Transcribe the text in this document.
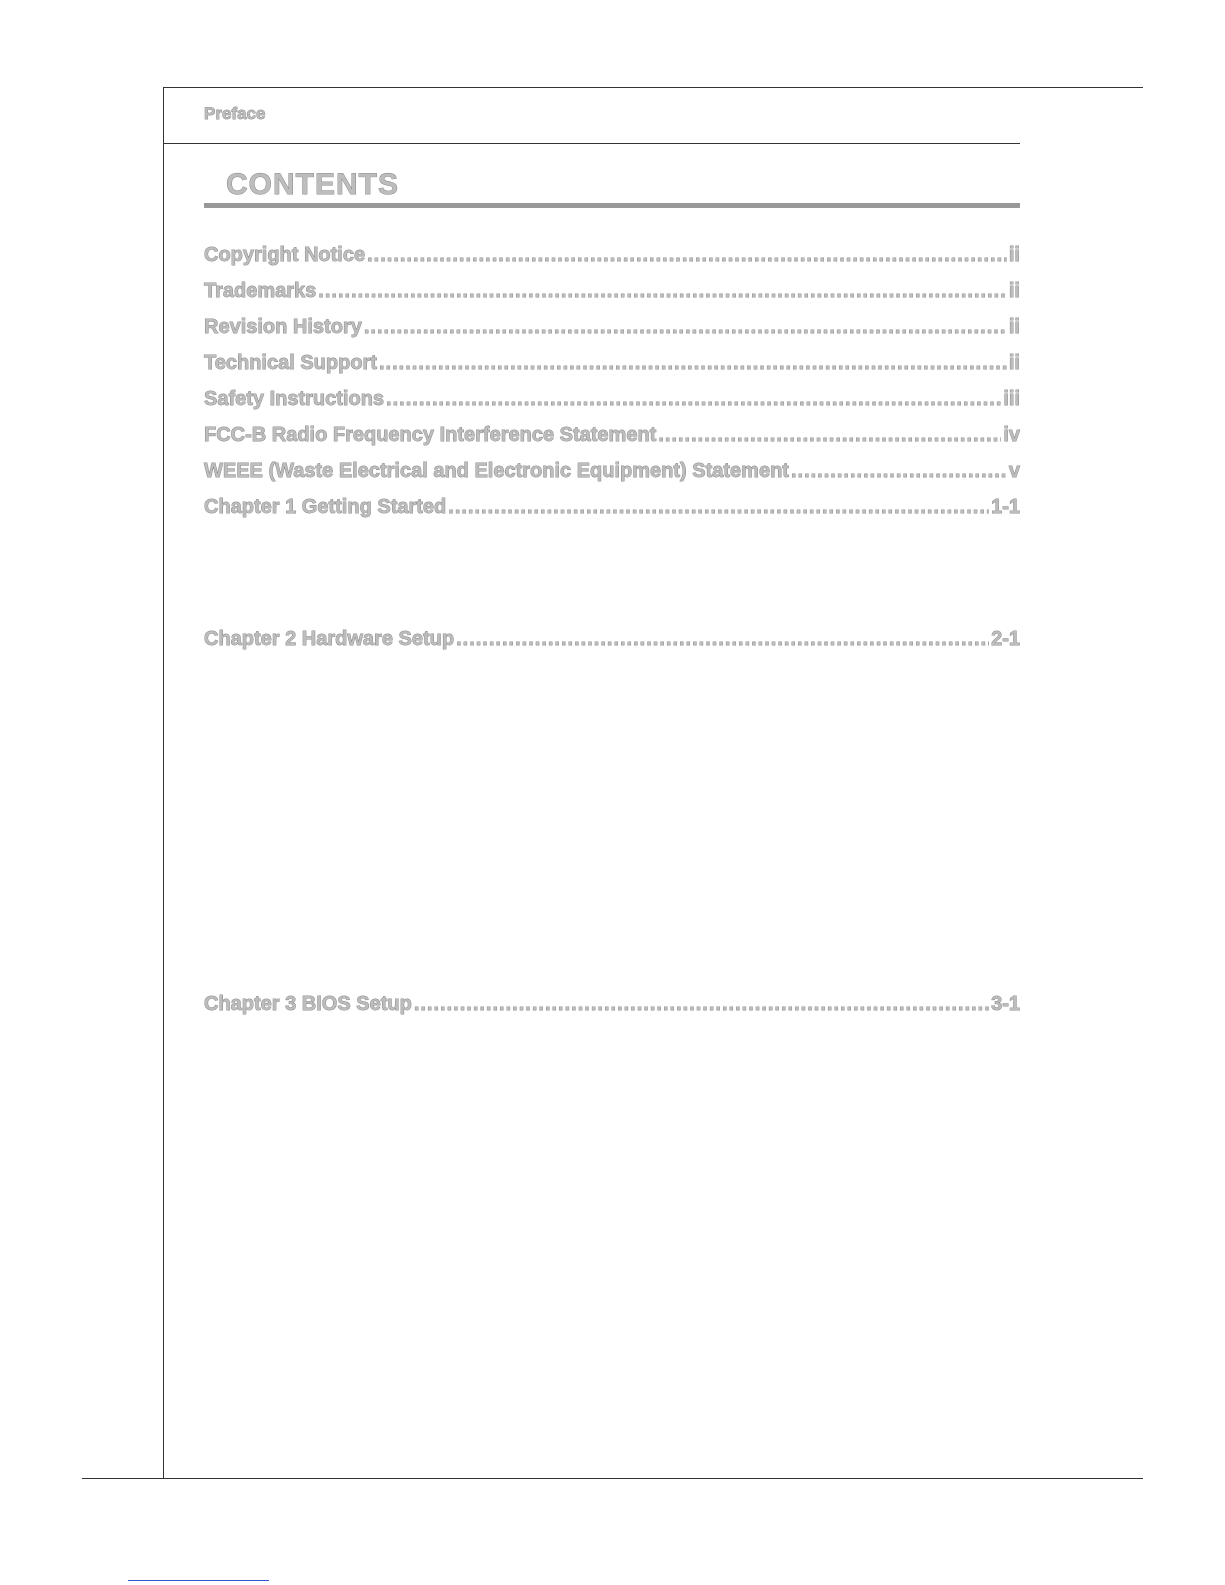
Preface
CONTENTS
Copyright Notice .....	ii
Trademarks .....	ii
Revision History .....	ii
Technical Support .....	ii
Safety Instructions .....	iii
FCC-B Radio Frequency Interference Statement .....	iv
WEEE (Waste Electrical and Electronic Equipment) Statement .....	v
Chapter 1 Getting Started .....	1-1
Chapter 2 Hardware Setup .....	2-1
Chapter 3 BIOS Setup .....	3-1
